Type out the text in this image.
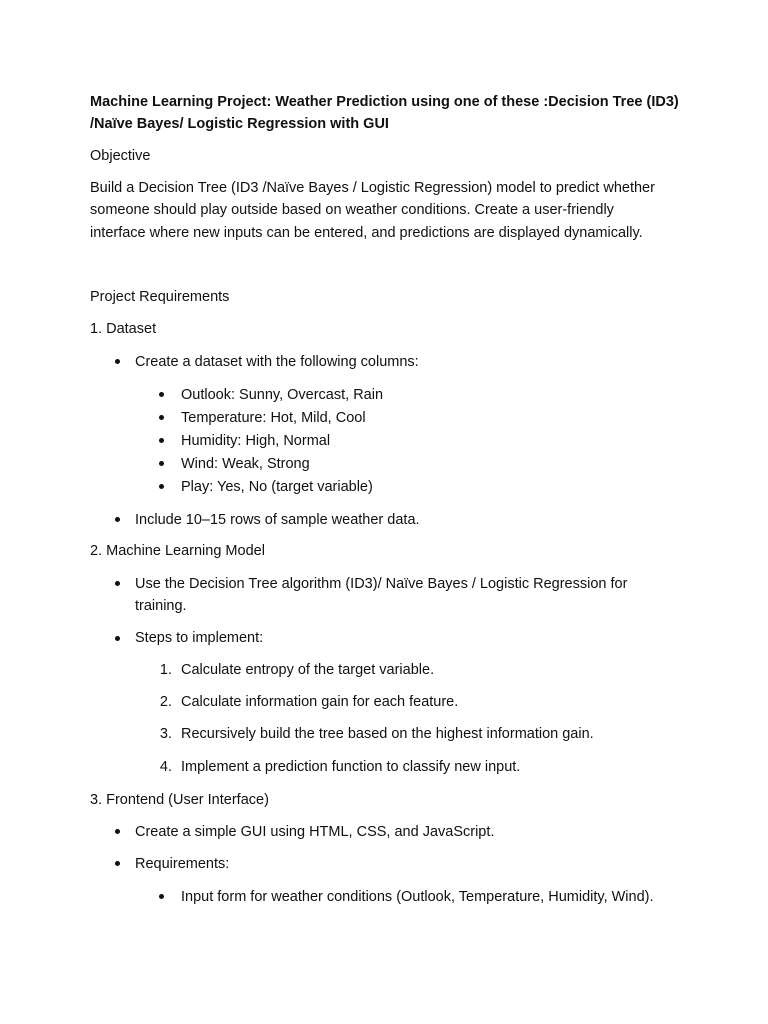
Machine Learning Project: Weather Prediction using one of these :Decision Tree (ID3)
/Naïve Bayes/ Logistic Regression with GUI
Objective
Build a Decision Tree (ID3 /Naïve Bayes / Logistic Regression) model to predict whether
someone should play outside based on weather conditions. Create a user-friendly
interface where new inputs can be entered, and predictions are displayed dynamically.
Project Requirements
1. Dataset
Create a dataset with the following columns:
Outlook: Sunny, Overcast, Rain
Temperature: Hot, Mild, Cool
Humidity: High, Normal
Wind: Weak, Strong
Play: Yes, No (target variable)
Include 10–15 rows of sample weather data.
2. Machine Learning Model
Use the Decision Tree algorithm (ID3)/ Naïve Bayes / Logistic Regression for
training.
Steps to implement:
1. Calculate entropy of the target variable.
2. Calculate information gain for each feature.
3. Recursively build the tree based on the highest information gain.
4. Implement a prediction function to classify new input.
3. Frontend (User Interface)
Create a simple GUI using HTML, CSS, and JavaScript.
Requirements:
Input form for weather conditions (Outlook, Temperature, Humidity, Wind).
